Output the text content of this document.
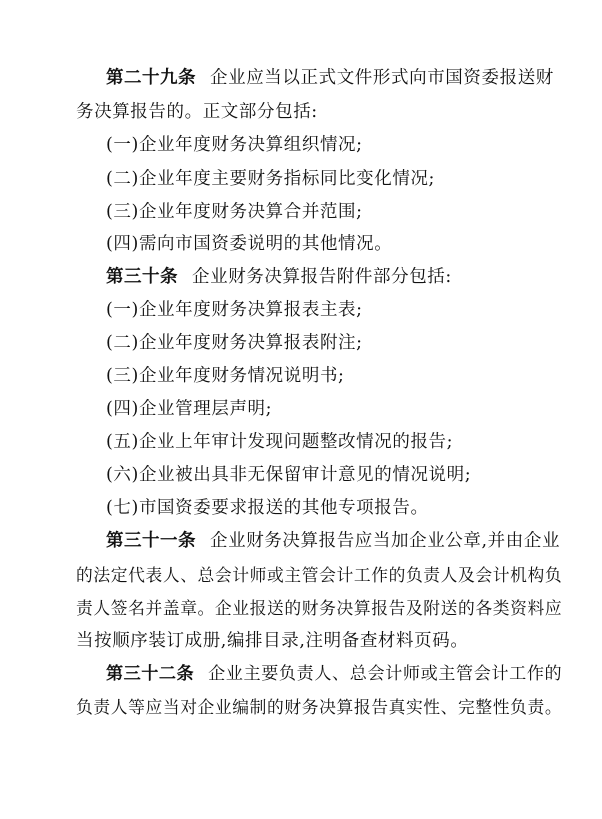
第二十九条 企业应当以正式文件形式向市国资委报送财
务决算报告的。正文部分包括:
(一)企业年度财务决算组织情况;
(二)企业年度主要财务指标同比变化情况;
(三)企业年度财务决算合并范围;
(四)需向市国资委说明的其他情况。
第三十条 企业财务决算报告附件部分包括:
(一)企业年度财务决算报表主表;
(二)企业年度财务决算报表附注;
(三)企业年度财务情况说明书;
(四)企业管理层声明;
(五)企业上年审计发现问题整改情况的报告;
(六)企业被出具非无保留审计意见的情况说明;
(七)市国资委要求报送的其他专项报告。
第三十一条 企业财务决算报告应当加企业公章,并由企业
的法定代表人、总会计师或主管会计工作的负责人及会计机构负
责人签名并盖章。企业报送的财务决算报告及附送的各类资料应
当按顺序装订成册,编排目录,注明备查材料页码。
第三十二条 企业主要负责人、总会计师或主管会计工作的
负责人等应当对企业编制的财务决算报告真实性、完整性负责。
